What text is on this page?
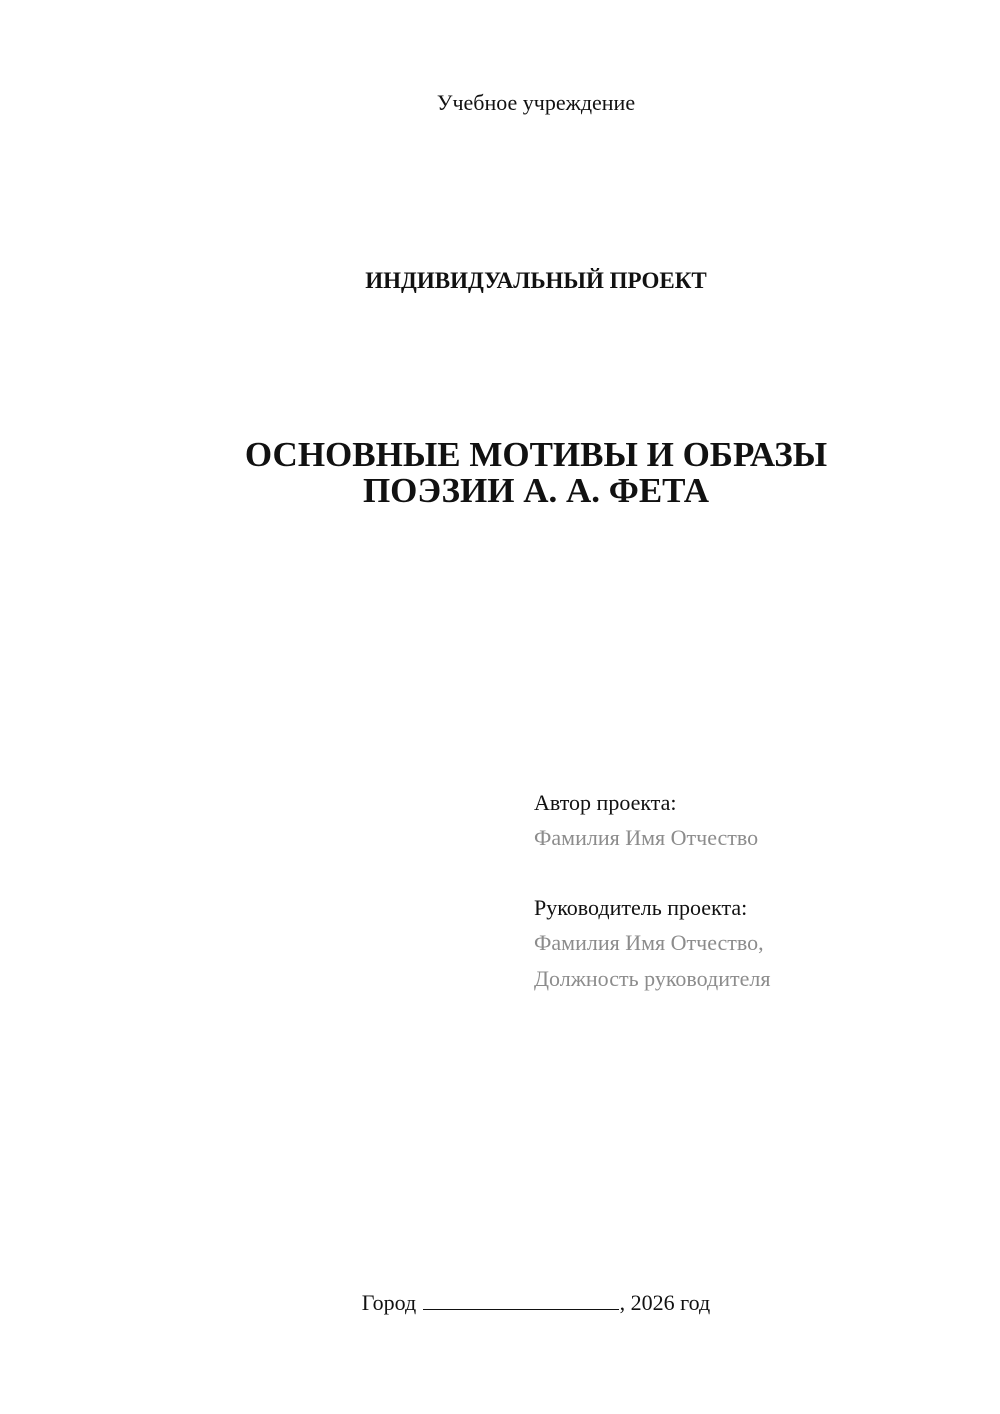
Учебное учреждение
ИНДИВИДУАЛЬНЫЙ ПРОЕКТ
ОСНОВНЫЕ МОТИВЫ И ОБРАЗЫ
ПОЭЗИИ А. А. ФЕТА
Автор проекта:
Фамилия Имя Отчество
Руководитель проекта:
Фамилия Имя Отчество,
Должность руководителя
Город	, 2026 год
